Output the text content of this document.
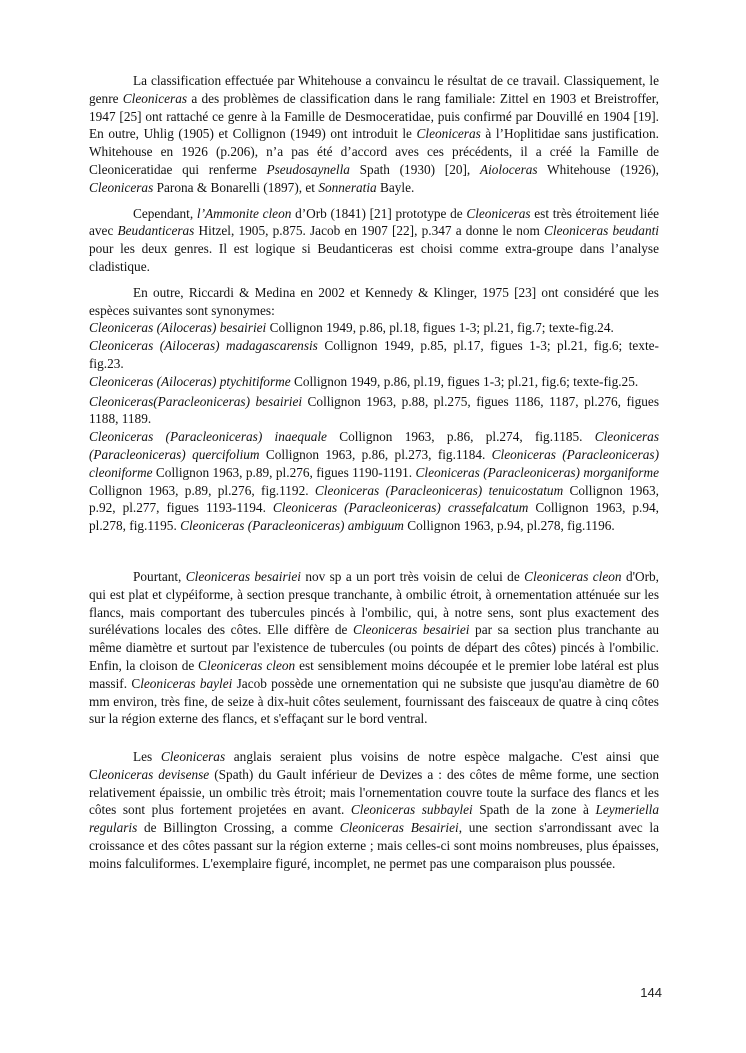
La classification effectuée par Whitehouse a convaincu le résultat de ce travail. Classiquement, le genre Cleoniceras a des problèmes de classification dans le rang familiale: Zittel en 1903 et Breistroffer, 1947 [25] ont rattaché ce genre à la Famille de Desmoceratidae, puis confirmé par Douvillé en 1904 [19]. En outre, Uhlig (1905) et Collignon (1949) ont introduit le Cleoniceras à l’Hoplitidae sans justification. Whitehouse en 1926 (p.206), n’a pas été d’accord aves ces précédents, il a créé la Famille de Cleoniceratidae qui renferme Pseudosaynella Spath (1930) [20], Aioloceras Whitehouse (1926), Cleoniceras Parona & Bonarelli (1897), et Sonneratia Bayle.

Cependant, l’Ammonite cleon d’Orb (1841) [21] prototype de Cleoniceras est très étroitement liée avec Beudanticeras Hitzel, 1905, p.875. Jacob en 1907 [22], p.347 a donne le nom Cleoniceras beudanti pour les deux genres. Il est logique si Beudanticeras est choisi comme extra-groupe dans l’analyse cladistique.

En outre, Riccardi & Medina en 2002 et Kennedy & Klinger, 1975 [23] ont considéré que les espèces suivantes sont synonymes:

Cleoniceras (Ailoceras) besairiei Collignon 1949, p.86, pl.18, figues 1-3; pl.21, fig.7; texte-fig.24.

Cleoniceras (Ailoceras) madagascarensis Collignon 1949, p.85, pl.17, figues 1-3; pl.21, fig.6; texte-fig.23.

Cleoniceras (Ailoceras) ptychitiforme Collignon 1949, p.86, pl.19, figues 1-3; pl.21, fig.6; texte-fig.25.

Cleoniceras(Paracleoniceras) besairiei Collignon 1963, p.88, pl.275, figues 1186, 1187, pl.276, figues 1188, 1189.

Cleoniceras (Paracleoniceras) inaequale Collignon 1963, p.86, pl.274, fig.1185. Cleoniceras (Paracleoniceras) quercifolium Collignon 1963, p.86, pl.273, fig.1184. Cleoniceras (Paracleoniceras) cleoniforme Collignon 1963, p.89, pl.276, figues 1190-1191. Cleoniceras (Paracleoniceras) morganiforme Collignon 1963, p.89, pl.276, fig.1192. Cleoniceras (Paracleoniceras) tenuicostatum Collignon 1963, p.92, pl.277, figues 1193-1194. Cleoniceras (Paracleoniceras) crassefalcatum Collignon 1963, p.94, pl.278, fig.1195. Cleoniceras (Paracleoniceras) ambiguum Collignon 1963, p.94, pl.278, fig.1196.

Pourtant, Cleoniceras besairiei nov sp a un port très voisin de celui de Cleoniceras cleon d'Orb, qui est plat et clypéiforme, à section presque tranchante, à ombilic étroit, à ornementation atténuée sur les flancs, mais comportant des tubercules pincés à l'ombilic, qui, à notre sens, sont plus exactement des surélévations locales des côtes. Elle diffère de Cleoniceras besairiei par sa section plus tranchante au même diamètre et surtout par l'existence de tubercules (ou points de départ des côtes) pincés à l'ombilic. Enfin, la cloison de Cleoniceras cleon est sensiblement moins découpée et le premier lobe latéral est plus massif. Cleoniceras baylei Jacob possède une ornementation qui ne subsiste que jusqu'au diamètre de 60 mm environ, très fine, de seize à dix-huit côtes seulement, fournissant des faisceaux de quatre à cinq côtes sur la région externe des flancs, et s'effaçant sur le bord ventral.

Les Cleoniceras anglais seraient plus voisins de notre espèce malgache. C'est ainsi que Cleoniceras devisense (Spath) du Gault inférieur de Devizes a : des côtes de même forme, une section relativement épaissie, un ombilic très étroit; mais l'ornementation couvre toute la surface des flancs et les côtes sont plus fortement projetées en avant. Cleoniceras subbaylei Spath de la zone à Leymeriella regularis de Billington Crossing, a comme Cleoniceras Besairiei, une section s'arrondissant avec la croissance et des côtes passant sur la région externe ; mais celles-ci sont moins nombreuses, plus épaisses, moins falculiformes. L'exemplaire figuré, incomplet, ne permet pas une comparaison plus poussée.

144
